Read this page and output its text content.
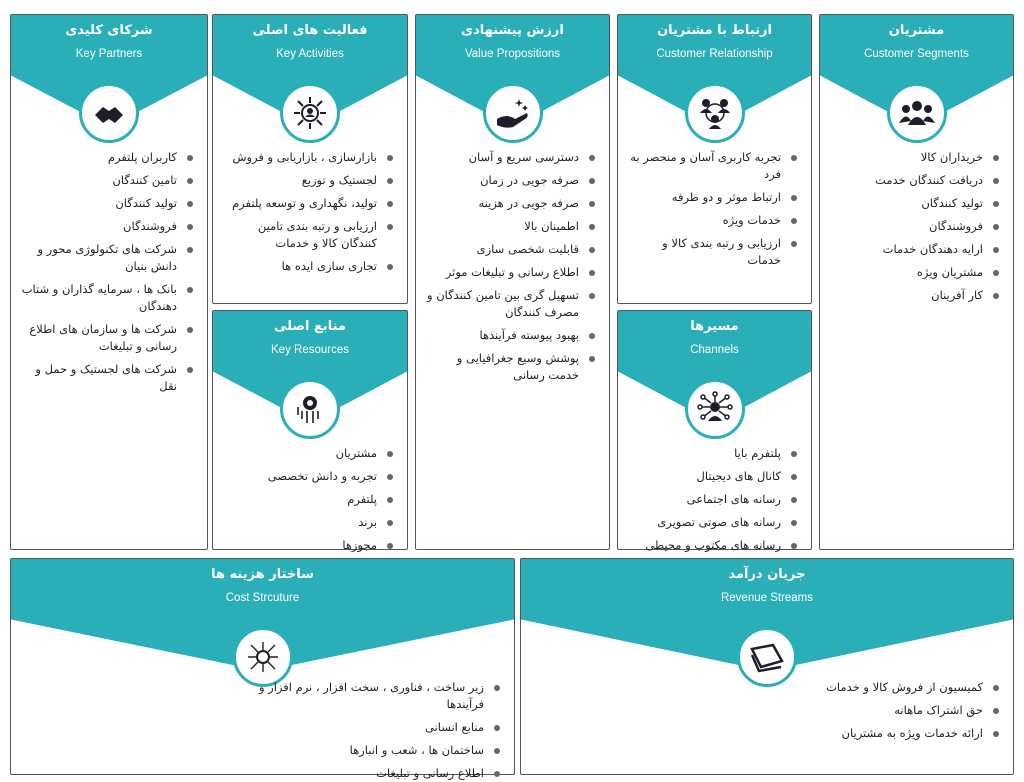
شرکای کلیدی
Key Partners
کاربران پلتفرم
تامین کنندگان
تولید کنندگان
فروشندگان
شرکت های تکنولوژی محور و دانش بنیان
بانک ها ، سرمایه گذاران و شتاب دهندگان
شرکت ها و سازمان های اطلاع رسانی و تبلیغات
شرکت های لجستیک و حمل و نقل
فعالیت های اصلی
Key Activities
بازارسازی ، بازاریابی و فروش
لجستیک و توزیع
تولید، نگهداری و توسعه پلتفرم
ارزیابی و رتبه بندی تامین کنندگان کالا و خدمات
تجاری سازی ایده ها
منابع اصلی
Key Resources
مشتریان
تجربه و دانش تخصصی
پلتفرم
برند
مجوزها
ارزش پیشنهادی
Value Propositions
دسترسی سریع و آسان
صرفه جویی در زمان
صرفه جویی در هزینه
اطمینان بالا
قابلیت شخصی سازی
اطلاع رسانی و تبلیغات موثر
تسهیل گری بین تامین کنندگان و مصرف کنندگان
بهبود پیوسته فرآیندها
پوشش وسیع جغرافیایی و خدمت رسانی
ارتباط با مشتریان
Customer Relationship
تجربه کاربری آسان و منحصر به فرد
ارتباط موثر و دو طرفه
خدمات ویژه
ارزیابی و رتبه بندی کالا و خدمات
مسیرها
Channels
پلتفرم بایا
کانال های دیجیتال
رسانه های اجتماعی
رسانه های صوتی تصویری
رسانه های مکتوب و محیطی
مشتریان
Customer Segments
خریداران کالا
دریافت کنندگان خدمت
تولید کنندگان
فروشندگان
ارایه دهندگان خدمات
مشتریان ویژه
کار آفرینان
ساختار هزینه ها
Cost Strcuture
زیر ساخت ، فناوری ، سخت افزار ، نرم افزار و فرآیندها
منابع انسانی
ساختمان ها ، شعب و انبارها
اطلاع رسانی و تبلیغات
جریان درآمد
Revenue Streams
کمیسیون از فروش کالا و خدمات
حق اشتراک ماهانه
ارائه خدمات ویژه به مشتریان
